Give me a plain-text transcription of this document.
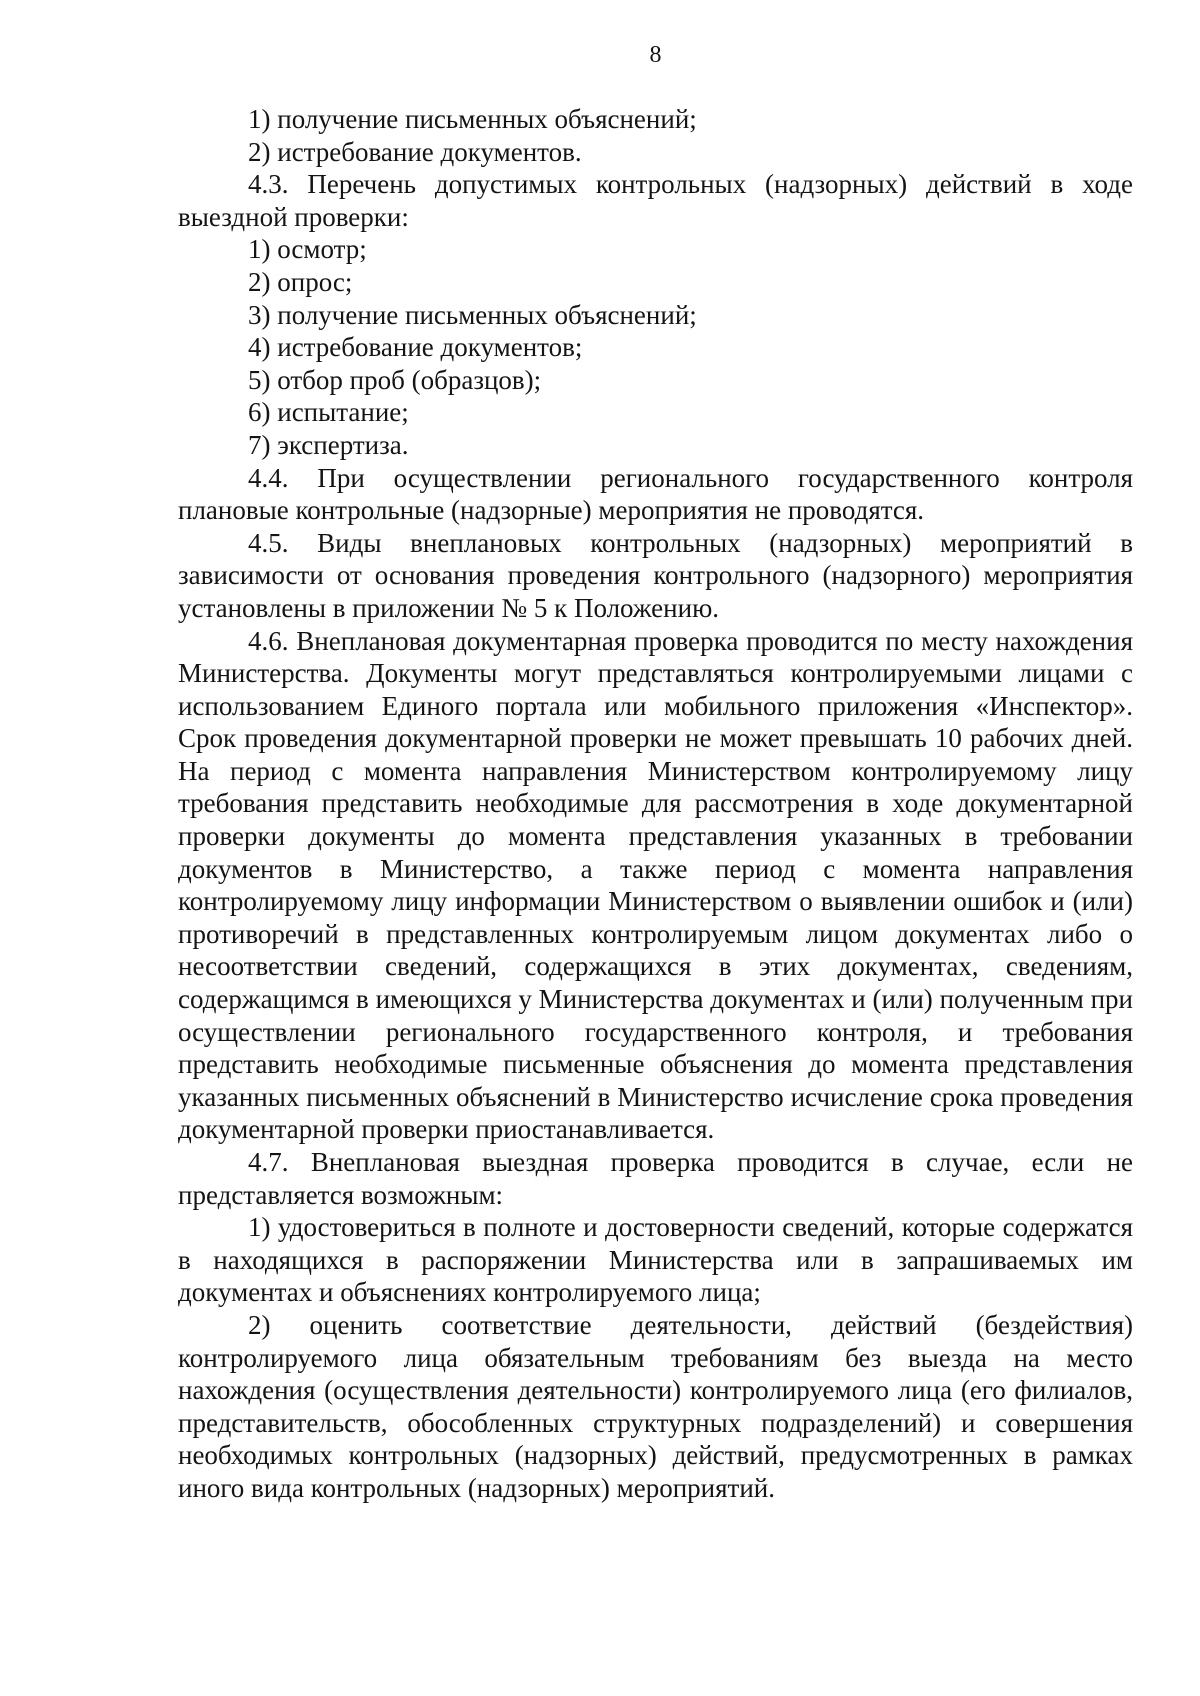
8

1) получение письменных объяснений;

2) истребование документов.

4.3. Перечень допустимых контрольных (надзорных) действий в ходе выездной проверки:

1) осмотр;

2) опрос;

3) получение письменных объяснений;

4) истребование документов;

5) отбор проб (образцов);

6) испытание;

7) экспертиза.

4.4. При осуществлении регионального государственного контроля плановые контрольные (надзорные) мероприятия не проводятся.

4.5. Виды внеплановых контрольных (надзорных) мероприятий в зависимости от основания проведения контрольного (надзорного) мероприятия установлены в приложении № 5 к Положению.

4.6. Внеплановая документарная проверка проводится по месту нахождения Министерства. Документы могут представляться контролируемыми лицами с использованием Единого портала или мобильного приложения «Инспектор». Срок проведения документарной проверки не может превышать 10 рабочих дней. На период с момента направления Министерством контролируемому лицу требования представить необходимые для рассмотрения в ходе документарной проверки документы до момента представления указанных в требовании документов в Министерство, а также период с момента направления контролируемому лицу информации Министерством о выявлении ошибок и (или) противоречий в представленных контролируемым лицом документах либо о несоответствии сведений, содержащихся в этих документах, сведениям, содержащимся в имеющихся у Министерства документах и (или) полученным при осуществлении регионального государственного контроля, и требования представить необходимые письменные объяснения до момента представления указанных письменных объяснений в Министерство исчисление срока проведения документарной проверки приостанавливается.

4.7. Внеплановая выездная проверка проводится в случае, если не представляется возможным:

1) удостовериться в полноте и достоверности сведений, которые содержатся в находящихся в распоряжении Министерства или в запрашиваемых им документах и объяснениях контролируемого лица;

2) оценить соответствие деятельности, действий (бездействия) контролируемого лица обязательным требованиям без выезда на место нахождения (осуществления деятельности) контролируемого лица (его филиалов, представительств, обособленных структурных подразделений) и совершения необходимых контрольных (надзорных) действий, предусмотренных в рамках иного вида контрольных (надзорных) мероприятий.
